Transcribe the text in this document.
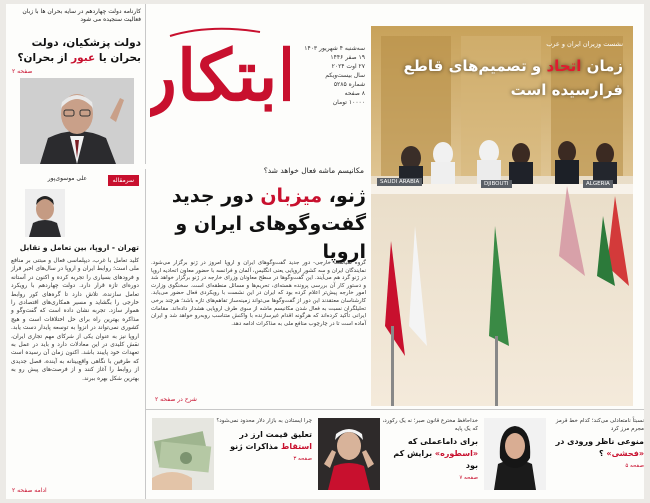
کارنامه دولت چهاردهم در سایه بحران ها با زبان فعالیت سنجیده می شود
دولت پزشکیان، دولت بحران یا عبور از بحران؟
صفحه ۲ ابتکار	سه‌شنبه ۴ شهریور ۱۴۰۳
۱۹ صفر ۱۴۴۶
۲۷ اوت ۲۰۲۴
سال بیست‌ویکم
شماره ۵۲۸۵
۸ صفحه
۱۰۰۰۰ تومان
نشست وزیران ایران و عرب
زمان اتحاد و تصمیم‌های قاطع فرارسیده است
SAUDI ARABIA	DJIBOUTI	ALGERIA
سرمقاله
علی موسوی‌پور
تهران - اروپا، بین تعامل و تقابل
کلید تعامل با غرب، دیپلماسی فعال و مبتنی بر منافع ملی است؛ روابط ایران و اروپا در سال‌های اخیر فراز و فرودهای بسیاری را تجربه کرده و اکنون در آستانه دوره‌ای تازه قرار دارد. دولت چهاردهم با رویکرد تعامل سازنده، تلاش دارد تا گره‌های کور روابط خارجی را بگشاید و مسیر همکاری‌های اقتصادی را هموار سازد. تجربه نشان داده است که گفت‌وگو و مذاکره بهترین راه برای حل اختلافات است و هیچ کشوری نمی‌تواند در انزوا به توسعه پایدار دست یابد. اروپا نیز به عنوان یکی از شرکای مهم تجاری ایران، نقش کلیدی در این معادلات دارد و باید در عمل به تعهدات خود پایبند باشد. اکنون زمان آن رسیده است که طرفین با نگاهی واقع‌بینانه به آینده، فصل جدیدی از روابط را آغاز کنند و از فرصت‌های پیش رو به بهترین شکل بهره ببرند.
ادامه صفحه ۲
مکانیسم ماشه فعال خواهد شد؟
ژنو، میزبان دور جدید
گفت‌وگوهای ایران و اروپا
گروه سیاست خارجی- دور جدید گفت‌وگوهای ایران و اروپا امروز در ژنو برگزار می‌شود. نمایندگان ایران و سه کشور اروپایی یعنی انگلیس، آلمان و فرانسه با حضور معاون اتحادیه اروپا در ژنو گرد هم می‌آیند. این گفت‌وگوها در سطح معاونان وزرای خارجه در ژنو برگزار خواهد شد و دستور کار آن بررسی پرونده هسته‌ای، تحریم‌ها و مسائل منطقه‌ای است. سخنگوی وزارت امور خارجه پیش‌تر اعلام کرده بود که ایران در این نشست با رویکردی فعال حضور می‌یابد. کارشناسان معتقدند این دور از گفت‌وگوها می‌تواند زمینه‌ساز تفاهم‌های تازه باشد؛ هرچند برخی تحلیلگران نسبت به فعال شدن مکانیسم ماشه از سوی طرف اروپایی هشدار داده‌اند. مقامات ایرانی تأکید کرده‌اند که هرگونه اقدام غیرسازنده با واکنش متناسب روبه‌رو خواهد شد و ایران آماده است تا در چارچوب منافع ملی به مذاکرات ادامه دهد.
شرح در صفحه ۲
چرا ایستادن به بازار دلار محدود نمی‌شود؟
تعلیق قیمت ارز در استقاط مذاکرات ژنو
صفحه ۳
خداحافظ مخترع قانون صبر؛ نه یک رکورد، که یک پایه
برای داماعملی که «اسطوره» برایش کم بود
صفحه ۷
نسبتاً نامتعادلی می‌کند؛ کدام خط قرمز مجرم مرز کرد
منوعی ناظر ورودی در «فحشی» ؟
صفحه ۵
